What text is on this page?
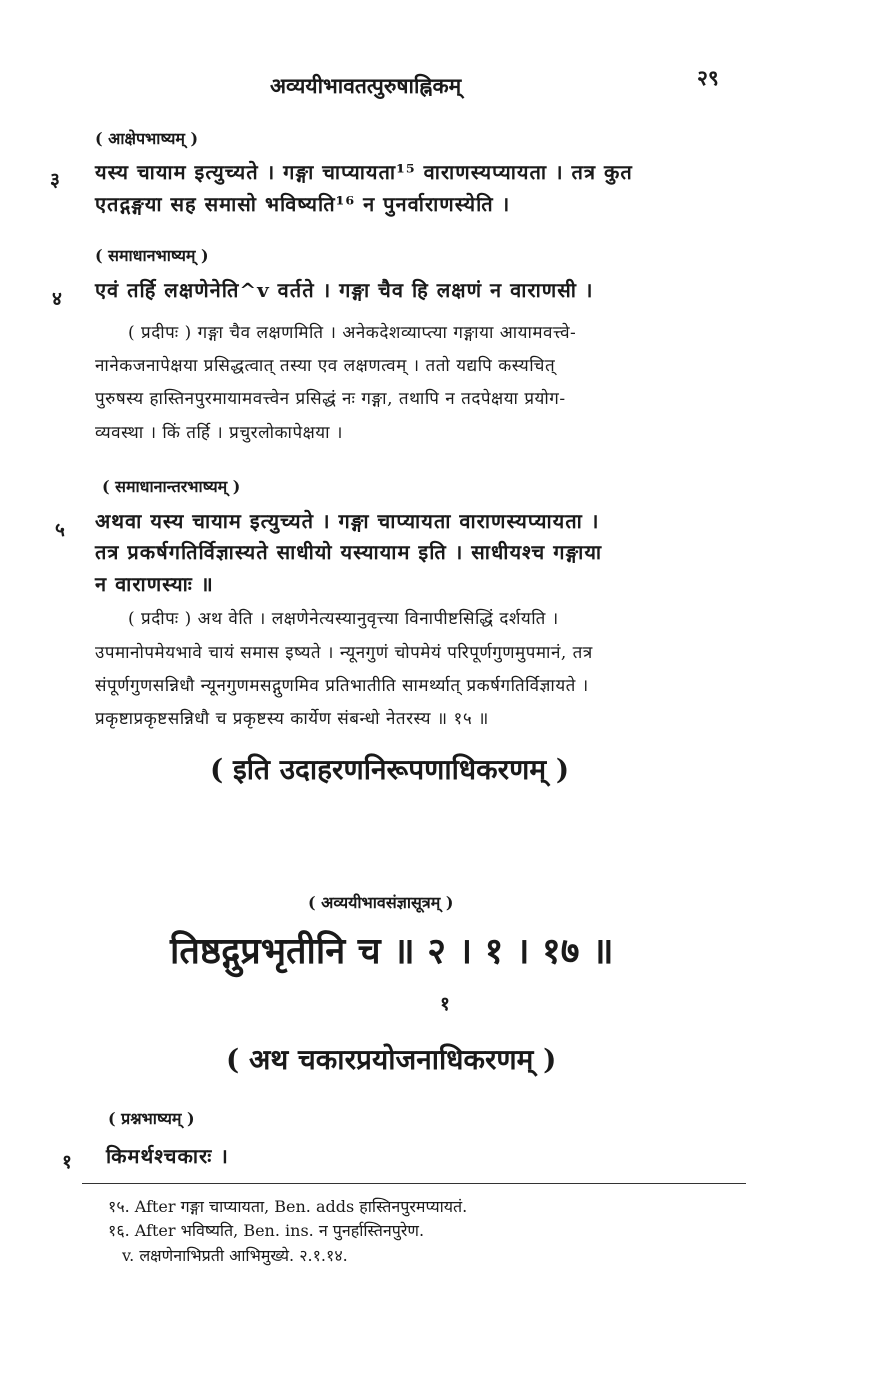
अव्ययीभावतत्पुरुषाह्निकम्	२९
( आक्षेपभाष्यम् )
३ यस्य चायाम इत्युच्यते । गङ्गा चाप्यायता¹⁵ वाराणस्यप्यायता । तत्र कुत
एतद्गङ्गया सह समासो भविष्यति¹⁶ न पुनर्वाराणस्येति ।
( समाधानभाष्यम् )
४ एवं तर्हि लक्षणेनेति^v वर्तते । गङ्गा चैव हि लक्षणं न वाराणसी ।
( प्रदीपः ) गङ्गा चैव लक्षणमिति । अनेकदेशव्याप्त्या गङ्गाया आयामवत्त्वे-
नानेकजनापेक्षया प्रसिद्धत्वात् तस्या एव लक्षणत्वम् । ततो यद्यपि कस्यचित्
पुरुषस्य हास्तिनपुरमायामवत्त्वेन प्रसिद्धं नः गङ्गा, तथापि न तदपेक्षया प्रयोग-
व्यवस्था । किं तर्हि । प्रचुरलोकापेक्षया ।
( समाधानान्तरभाष्यम् )
५ अथवा यस्य चायाम इत्युच्यते । गङ्गा चाप्यायता वाराणस्यप्यायता ।
तत्र प्रकर्षगतिर्विज्ञास्यते साधीयो यस्यायाम इति । साधीयश्च गङ्गाया
न वाराणस्याः ॥
( प्रदीपः ) अथ वेति । लक्षणेनेत्यस्यानुवृत्त्या विनापीष्टसिद्धिं दर्शयति ।
उपमानोपमेयभावे चायं समास इष्यते । न्यूनगुणं चोपमेयं परिपूर्णगुणमुपमानं, तत्र
संपूर्णगुणसन्निधौ न्यूनगुणमसद्गुणमिव प्रतिभातीति सामर्थ्यात् प्रकर्षगतिर्विज्ञायते ।
प्रकृष्टाप्रकृष्टसन्निधौ च प्रकृष्टस्य कार्येण संबन्धो नेतरस्य ॥ १५ ॥
( इति उदाहरणनिरूपणाधिकरणम् )
( अव्ययीभावसंज्ञासूत्रम् )
तिष्ठद्गुप्रभृतीनि च ॥ २ । १ । १७ ॥
१
( अथ चकारप्रयोजनाधिकरणम् )
( प्रश्नभाष्यम् )
१ किमर्थश्चकारः ।
१५. After गङ्गा चाप्यायता, Ben. adds हास्तिनपुरमप्यायतं.
१६. After भविष्यति, Ben. ins. न पुनर्हास्तिनपुरेण.
v. लक्षणेनाभिप्रती आभिमुख्ये. २.१.१४.
